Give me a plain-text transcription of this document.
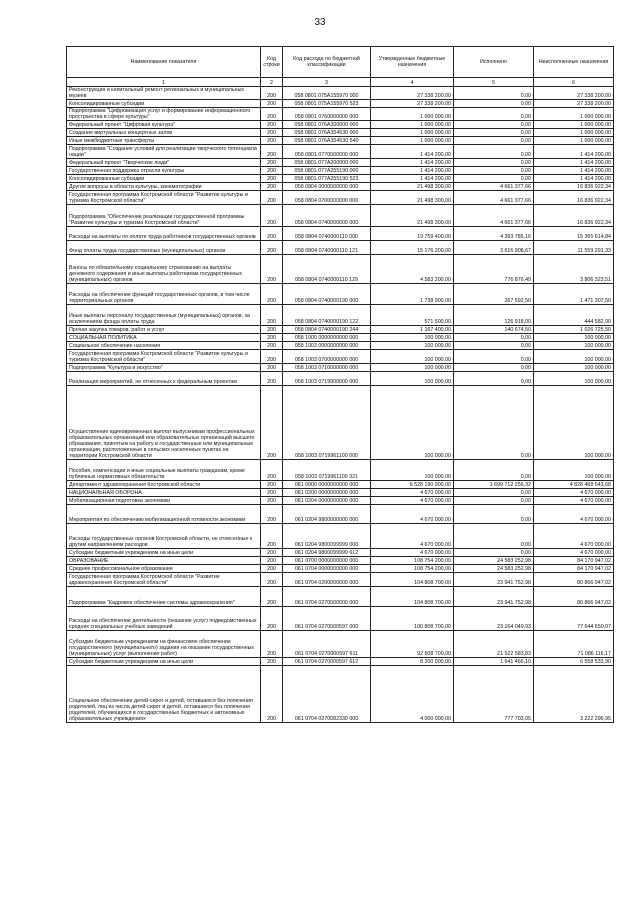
33
Наименование показателя	Код строки	Код расхода по бюджетной классификации	Утвержденные бюджетные назначения	Исполнено	Неисполненные назначения
1	2	3	4	5	6
Реконструкция и капитальный ремонт региональных и муниципальных музеев	200	058 0801 075А155970 000	27 338 200,00	0,00	27 338 200,00
Консолидированные субсидии	200	058 0801 075А155970 523	27 338 200,00	0,00	27 338 200,00
Подпрограмма "Цифровизация услуг и формирование информационного пространства в сфере культуры"	200	058 0801 0760000000 000	1 000 000,00	0,00	1 000 000,00
Федеральный проект "Цифровая культура"	200	058 0801 076А300000 000	1 000 000,00	0,00	1 000 000,00
Создание виртуальных концертных залов	200	058 0801 076А354530 000	1 000 000,00	0,00	1 000 000,00
Иные межбюджетные трансферты	200	058 0801 076А354530 540	1 000 000,00	0,00	1 000 000,00
Подпрограмма "Создание условий для реализации творческого потенциала нации"	200	058 0801 0770000000 000	1 414 200,00	0,00	1 414 200,00
Федеральный проект "Творческие люди"	200	058 0801 077А200000 000	1 414 200,00	0,00	1 414 200,00
Государственная поддержка отрасли культуры	200	058 0801 077А255190 000	1 414 200,00	0,00	1 414 200,00
Консолидированные субсидии	200	058 0801 077А255190 523	1 414 200,00	0,00	1 414 200,00
Другие вопросы в области культуры, кинематографии	200	058 0804 0000000000 000	21 498 300,00	4 661 377,66	16 836 922,34
Государственная программа Костромской области "Развитие культуры и туризма Костромской области"	200	058 0804 0700000000 000	21 498 300,00	4 661 377,66	16 836 922,34
Подпрограмма "Обеспечение реализации государственной программы "Развитие культуры и туризма Костромской области"	200	058 0804 0740000000 000	21 498 300,00	4 661 377,66	16 836 922,34
Расходы на выплаты по оплате труда работников государственных органов	200	058 0804 0740000110 000	19 759 400,00	4 393 785,16	15 365 614,84
Фонд оплаты труда государственных (муниципальных) органов	200	058 0804 0740000110 121	15 176 200,00	3 616 908,67	11 559 291,33
Взносы по обязательному социальному страхованию на выплаты денежного содержания и иные выплаты работникам государственных (муниципальных) органов	200	058 0804 0740000110 129	4 583 200,00	776 876,49	3 806 323,51
Расходы на обеспечение функций государственных органов, в том числе территориальных органов	200	058 0804 0740000190 000	1 738 900,00	267 592,50	1 471 307,50
Иные выплаты персоналу государственных (муниципальных) органов, за исключением фонда оплаты труда	200	058 0804 0740000190 122	571 500,00	126 918,00	444 582,00
Прочая закупка товаров, работ и услуг	200	058 0804 0740000190 244	1 167 400,00	140 674,50	1 026 725,50
СОЦИАЛЬНАЯ ПОЛИТИКА	200	058 1000 0000000000 000	100 000,00	0,00	100 000,00
Социальное обеспечение населения	200	058 1003 0000000000 000	100 000,00	0,00	100 000,00
Государственная программа Костромской области "Развитие культуры и туризма Костромской области"	200	058 1003 0700000000 000	100 000,00	0,00	100 000,00
Подпрограмма "Культура и искусство"	200	058 1003 0710000000 000	100 000,00	0,00	100 000,00
Реализация мероприятий, не отнесенных к федеральным проектам	200	058 1003 0719900000 000	100 000,00	0,00	100 000,00
Осуществление единовременных выплат выпускникам профессиональных образовательных организаций или образовательных организаций высшего образования, принятым на работу в государственные или муниципальные организации, расположенные в сельских населенных пунктах на территории Костромской области	200	058 1003 0719961100 000	100 000,00	0,00	100 000,00
Пособия, компенсации и иные социальные выплаты гражданам, кроме публичных нормативных обязательств	200	058 1003 0719961100 321	100 000,00	0,00	100 000,00
Департамент здравоохранения Костромской области	200	061 0000 0000000000 000	6 528 190 900,00	1 699 712 256,32	4 828 468 643,68
НАЦИОНАЛЬНАЯ ОБОРОНА	200	061 0200 0000000000 000	4 670 000,00	0,00	4 670 000,00
Мобилизационная подготовка экономики	200	061 0204 0000000000 000	4 670 000,00	0,00	4 670 000,00
Мероприятия по обеспечению мобилизационной готовности экономики	200	061 0204 9800000000 000	4 670 000,00	0,00	4 670 000,00
Расходы государственных органов Костромской области, не отнесенные к другим направлениям расходов	200	061 0204 9800099999 000	4 670 000,00	0,00	4 670 000,00
Субсидии бюджетным учреждениям на иные цели	200	061 0204 9800099999 612	4 670 000,00	0,00	4 670 000,00
ОБРАЗОВАНИЕ	200	061 0700 0000000000 000	108 754 200,00	24 583 252,98	84 170 947,02
Среднее профессиональное образование	200	061 0704 0000000000 000	108 754 200,00	24 583 252,98	84 170 947,02
Государственная программа Костромской области "Развитие здравоохранения Костромской области"	200	061 0704 0200000000 000	104 808 700,00	23 941 752,98	80 866 947,02
Подпрограмма "Кадровое обеспечение системы здравоохранения"	200	061 0704 0270000000 000	104 808 700,00	23 941 752,98	80 866 947,02
Расходы на обеспечение деятельности (оказание услуг) подведомственных средних специальных учебных заведений	200	061 0704 0270000597 000	100 808 700,00	23 164 049,93	77 644 650,07
Субсидии бюджетным учреждениям на финансовое обеспечение государственного (муниципального) задания на оказание государственных (муниципальных) услуг (выполнение работ)	200	061 0704 0270000597 611	92 608 700,00	21 522 583,83	71 086 116,17
Субсидии бюджетным учреждениям на иные цели	200	061 0704 0270000597 612	8 200 000,00	1 641 466,10	6 558 533,90
Социальное обеспечение детей-сирот и детей, оставшихся без попечения родителей, лиц из числа детей-сирот и детей, оставшихся без попечения родителей, обучающихся в государственных бюджетных и автономных образовательных учреждениях	200	061 0704 0270082330 000	4 000 000,00	777 703,05	3 222 296,95
